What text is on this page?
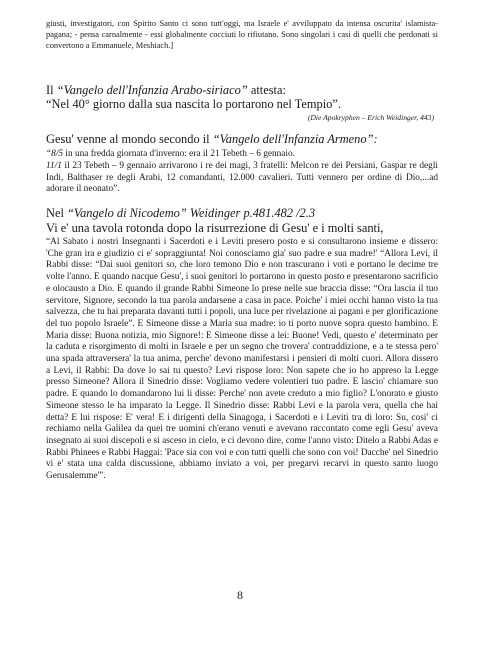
giusti, investigatori, con Spirito Santo ci sono tutt'oggi, ma Israele e' avviluppato da intensa oscurita' islamista-pagana; - pensa carnalmente - essi globalmente cocciuti lo rifiutano. Sono singolari i casi di quelli che perdonati si convertono a Emmanuele, Meshiach.]

Il “Vangelo dell'Infanzia Arabo-siriaco” attesta:

“Nel 40° giorno dalla sua nascita lo portarono nel Tempio”.

(Die Apokryphen – Erich Weidinger, 443)

Gesu' venne al mondo secondo il “Vangelo dell'Infanzia Armeno”:

“8/5 in una fredda giornata d'inverno: era il 21 Tebeth – 6 gennaio.

11/1 il 23 Tebeth – 9 gennaio arrivarono i re dei magi, 3 fratelli: Melcon re dei Persiani, Gaspar re degli Indi, Balthaser re degli Arabi, 12 comandanti, 12.000 cavalieri. Tutti vennero per ordine di Dio,...ad adorare il neonato”.

Nel “Vangelo di Nicodemo” Weidinger p.481.482 /2.3

Vi e' una tavola rotonda dopo la risurrezione di Gesu' e i molti santi,

“Al Sabato i nostri Insegnanti i Sacerdoti e i Leviti presero posto e si consultarono insieme e dissero: 'Che gran ira e giudizio ci e' sopraggiunta! Noi conosciamo gia' suo padre e sua madre!' “Allora Levi, il Rabbi disse: “Dai suoi genitori so, che loro temono Dio e non trascurano i voti e portano le decime tre volte l'anno. E quando nacque Gesu', i suoi genitori lo portarono in questo posto e presentarono sacrificio e olocausto a Dio. E quando il grande Rabbi Simeone lo prese nelle sue braccia disse: “Ora lascia il tuo servitore, Signore, secondo la tua parola andarsene a casa in pace. Poiche' i miei occhi hanno visto la tua salvezza, che tu hai preparata davanti tutti i popoli, una luce per rivelazione ai pagani e per glorificazione del tuo popolo Israele”. E Simeone disse a Maria sua madre: io ti porto nuove sopra questo bambino. E Maria disse: Buona notizia, mio Signore!: E Simeone disse a lei: Buone! Vedi, questo e' determinato per la caduta e risorgimento di molti in Israele e per un segno che trovera' contraddizione, e a te stessa pero' una spada attraversera' la tua anima, perche' devono manifestarsi i pensieri di molti cuori. Allora dissero a Levi, il Rabbi: Da dove lo sai tu questo? Levi rispose loro: Non sapete che io ho appreso la Legge presso Simeone? Allora il Sinedrio disse: Vogliamo vedere volentieri tuo padre. E lascio' chiamare suo padre. E quando lo domandarono lui li disse: Perche' non avete creduto a mio figlio? L'onorato e giusto Simeone stesso le ha imparato la Legge. Il Sinedrio disse: Rabbi Levi e la parola vera, quella che hai detta? E lui rispose: E' vera! E i dirigenti della Sinagoga, i Sacerdoti e i Leviti tra di loro: Su, cosi' ci rechiamo nella Galilea da quei tre uomini ch'erano venuti e avevano raccontato come egli Gesu' aveva insegnato ai suoi discepoli e si asceso in cielo, e ci devono dire, come l'anno visto: Ditelo a Rabbi Adas e Rabbi Phinees e Rabbi Haggai: 'Pace sia con voi e con tutti quelli che sono con voi! Dacche' nel Sinedrio vi e' stata una calda discussione, abbiamo inviato a voi, per pregarvi recarvi in questo santo luogo Gerusalemme'”.

8
